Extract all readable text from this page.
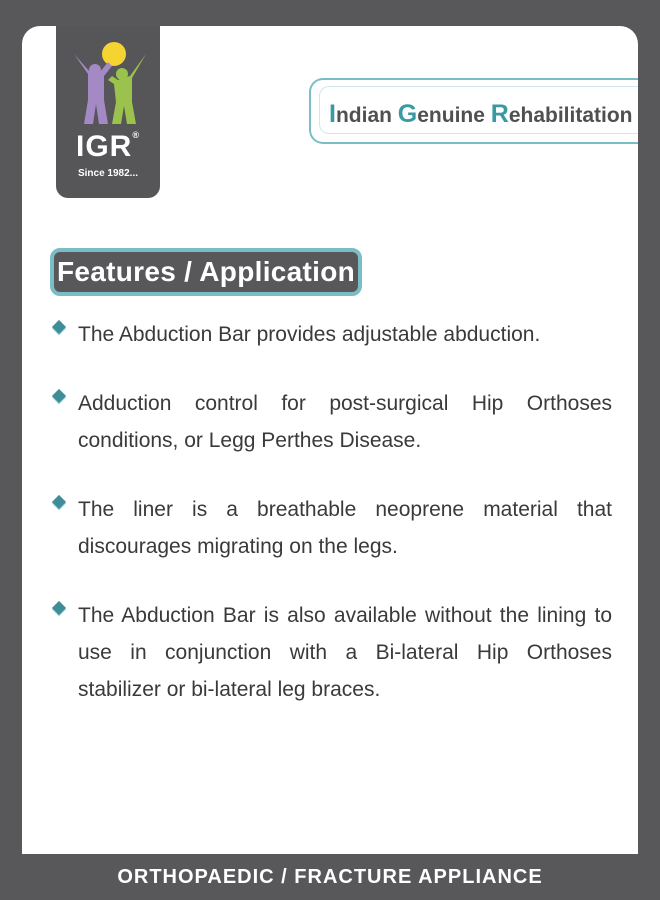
IGR®
Since 1982...
Indian Genuine Rehabilitation
Features / Application
The Abduction Bar provides adjustable abduction.
Adduction control for post-surgical Hip Orthoses conditions, or Legg Perthes Disease.
The liner is a breathable neoprene material that discourages migrating on the legs.
The Abduction Bar is also available without the lining to use in conjunction with a Bi-lateral Hip Orthoses stabilizer or bi-lateral leg braces.
ORTHOPAEDIC / FRACTURE APPLIANCE
